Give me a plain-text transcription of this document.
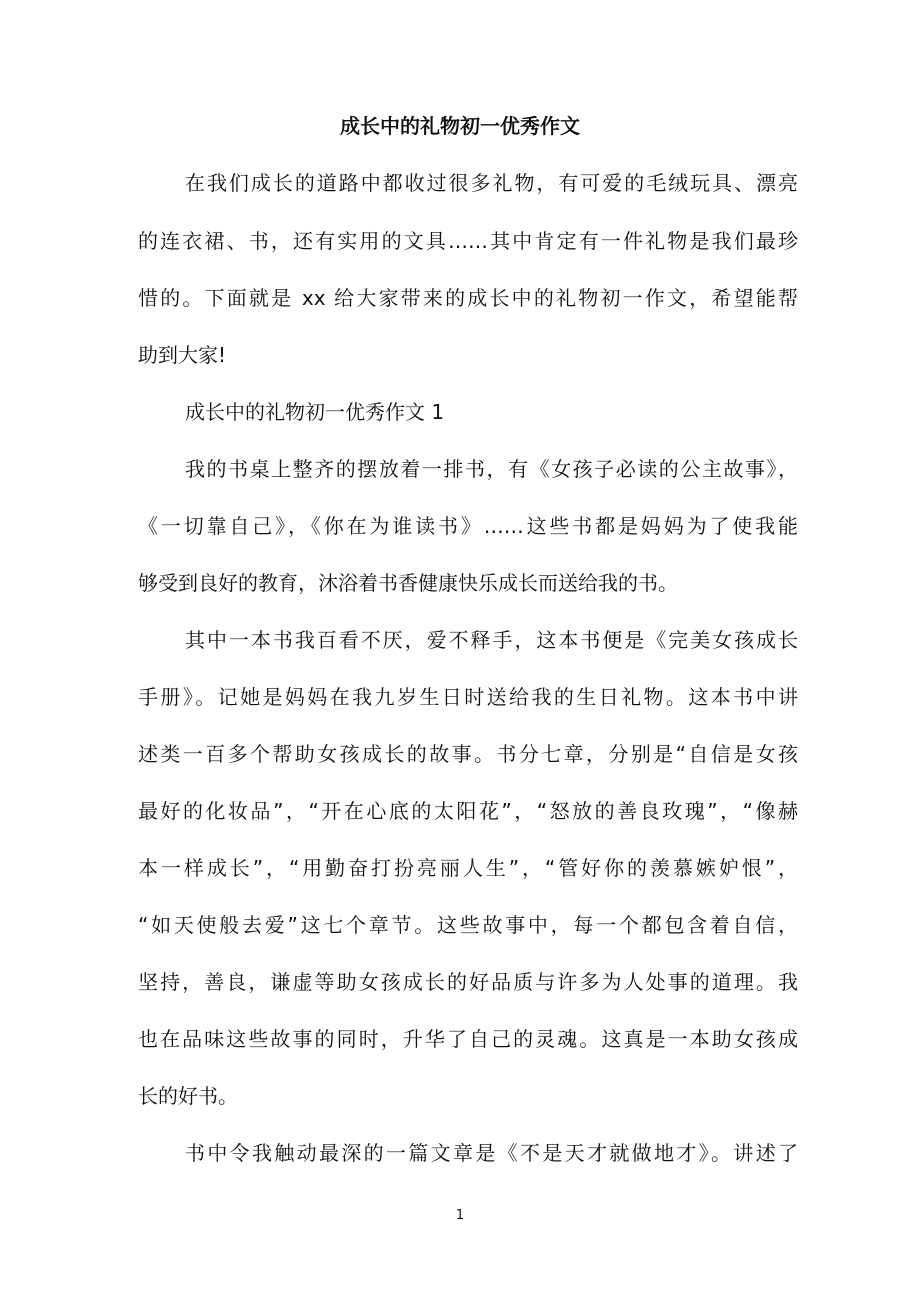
成长中的礼物初一优秀作文
在我们成长的道路中都收过很多礼物，有可爱的毛绒玩具、漂亮
的连衣裙、书，还有实用的文具……其中肯定有一件礼物是我们最珍
惜的。下面就是 xx 给大家带来的成长中的礼物初一作文，希望能帮
助到大家!
成长中的礼物初一优秀作文 1
我的书桌上整齐的摆放着一排书，有《女孩子必读的公主故事》，
《一切靠自己》，《你在为谁读书》……这些书都是妈妈为了使我能
够受到良好的教育，沐浴着书香健康快乐成长而送给我的书。
其中一本书我百看不厌，爱不释手，这本书便是《完美女孩成长
手册》。记她是妈妈在我九岁生日时送给我的生日礼物。这本书中讲
述类一百多个帮助女孩成长的故事。书分七章，分别是“自信是女孩
最好的化妆品”，“开在心底的太阳花”，“怒放的善良玫瑰”，“像赫
本一样成长”，“用勤奋打扮亮丽人生”，“管好你的羡慕嫉妒恨”，
“如天使般去爱”这七个章节。这些故事中，每一个都包含着自信，
坚持，善良，谦虚等助女孩成长的好品质与许多为人处事的道理。我
也在品味这些故事的同时，升华了自己的灵魂。这真是一本助女孩成
长的好书。
书中令我触动最深的一篇文章是《不是天才就做地才》。讲述了
1
